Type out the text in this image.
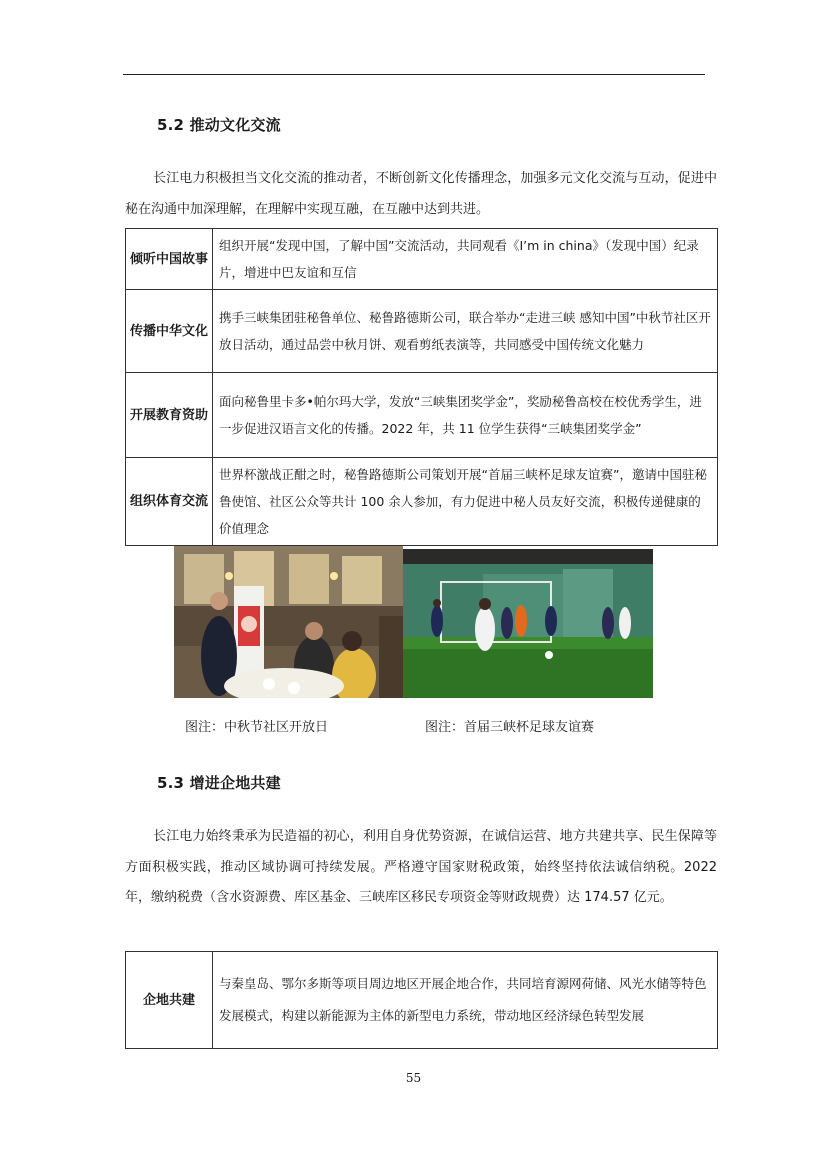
5.2 推动文化交流
长江电力积极担当文化交流的推动者，不断创新文化传播理念，加强多元文化交流与互动，促进中秘在沟通中加深理解，在理解中实现互融，在互融中达到共进。
倾听中国故事	组织开展“发现中国，了解中国”交流活动，共同观看《I’m in china》（发现中国）纪录片，增进中巴友谊和互信
传播中华文化	携手三峡集团驻秘鲁单位、秘鲁路德斯公司，联合举办“走进三峡 感知中国”中秋节社区开放日活动，通过品尝中秋月饼、观看剪纸表演等，共同感受中国传统文化魅力
开展教育资助	面向秘鲁里卡多•帕尔玛大学，发放“三峡集团奖学金”，奖励秘鲁高校在校优秀学生，进一步促进汉语言文化的传播。2022 年，共 11 位学生获得“三峡集团奖学金”
组织体育交流	世界杯激战正酣之时，秘鲁路德斯公司策划开展“首届三峡杯足球友谊赛”，邀请中国驻秘鲁使馆、社区公众等共计 100 余人参加，有力促进中秘人员友好交流，积极传递健康的价值理念
图注：中秋节社区开放日	图注：首届三峡杯足球友谊赛
5.3 增进企地共建
长江电力始终秉承为民造福的初心，利用自身优势资源，在诚信运营、地方共建共享、民生保障等方面积极实践，推动区域协调可持续发展。严格遵守国家财税政策，始终坚持依法诚信纳税。2022 年，缴纳税费（含水资源费、库区基金、三峡库区移民专项资金等财政规费）达 174.57 亿元。
企地共建	与秦皇岛、鄂尔多斯等项目周边地区开展企地合作，共同培育源网荷储、风光水储等特色发展模式，构建以新能源为主体的新型电力系统，带动地区经济绿色转型发展
55
